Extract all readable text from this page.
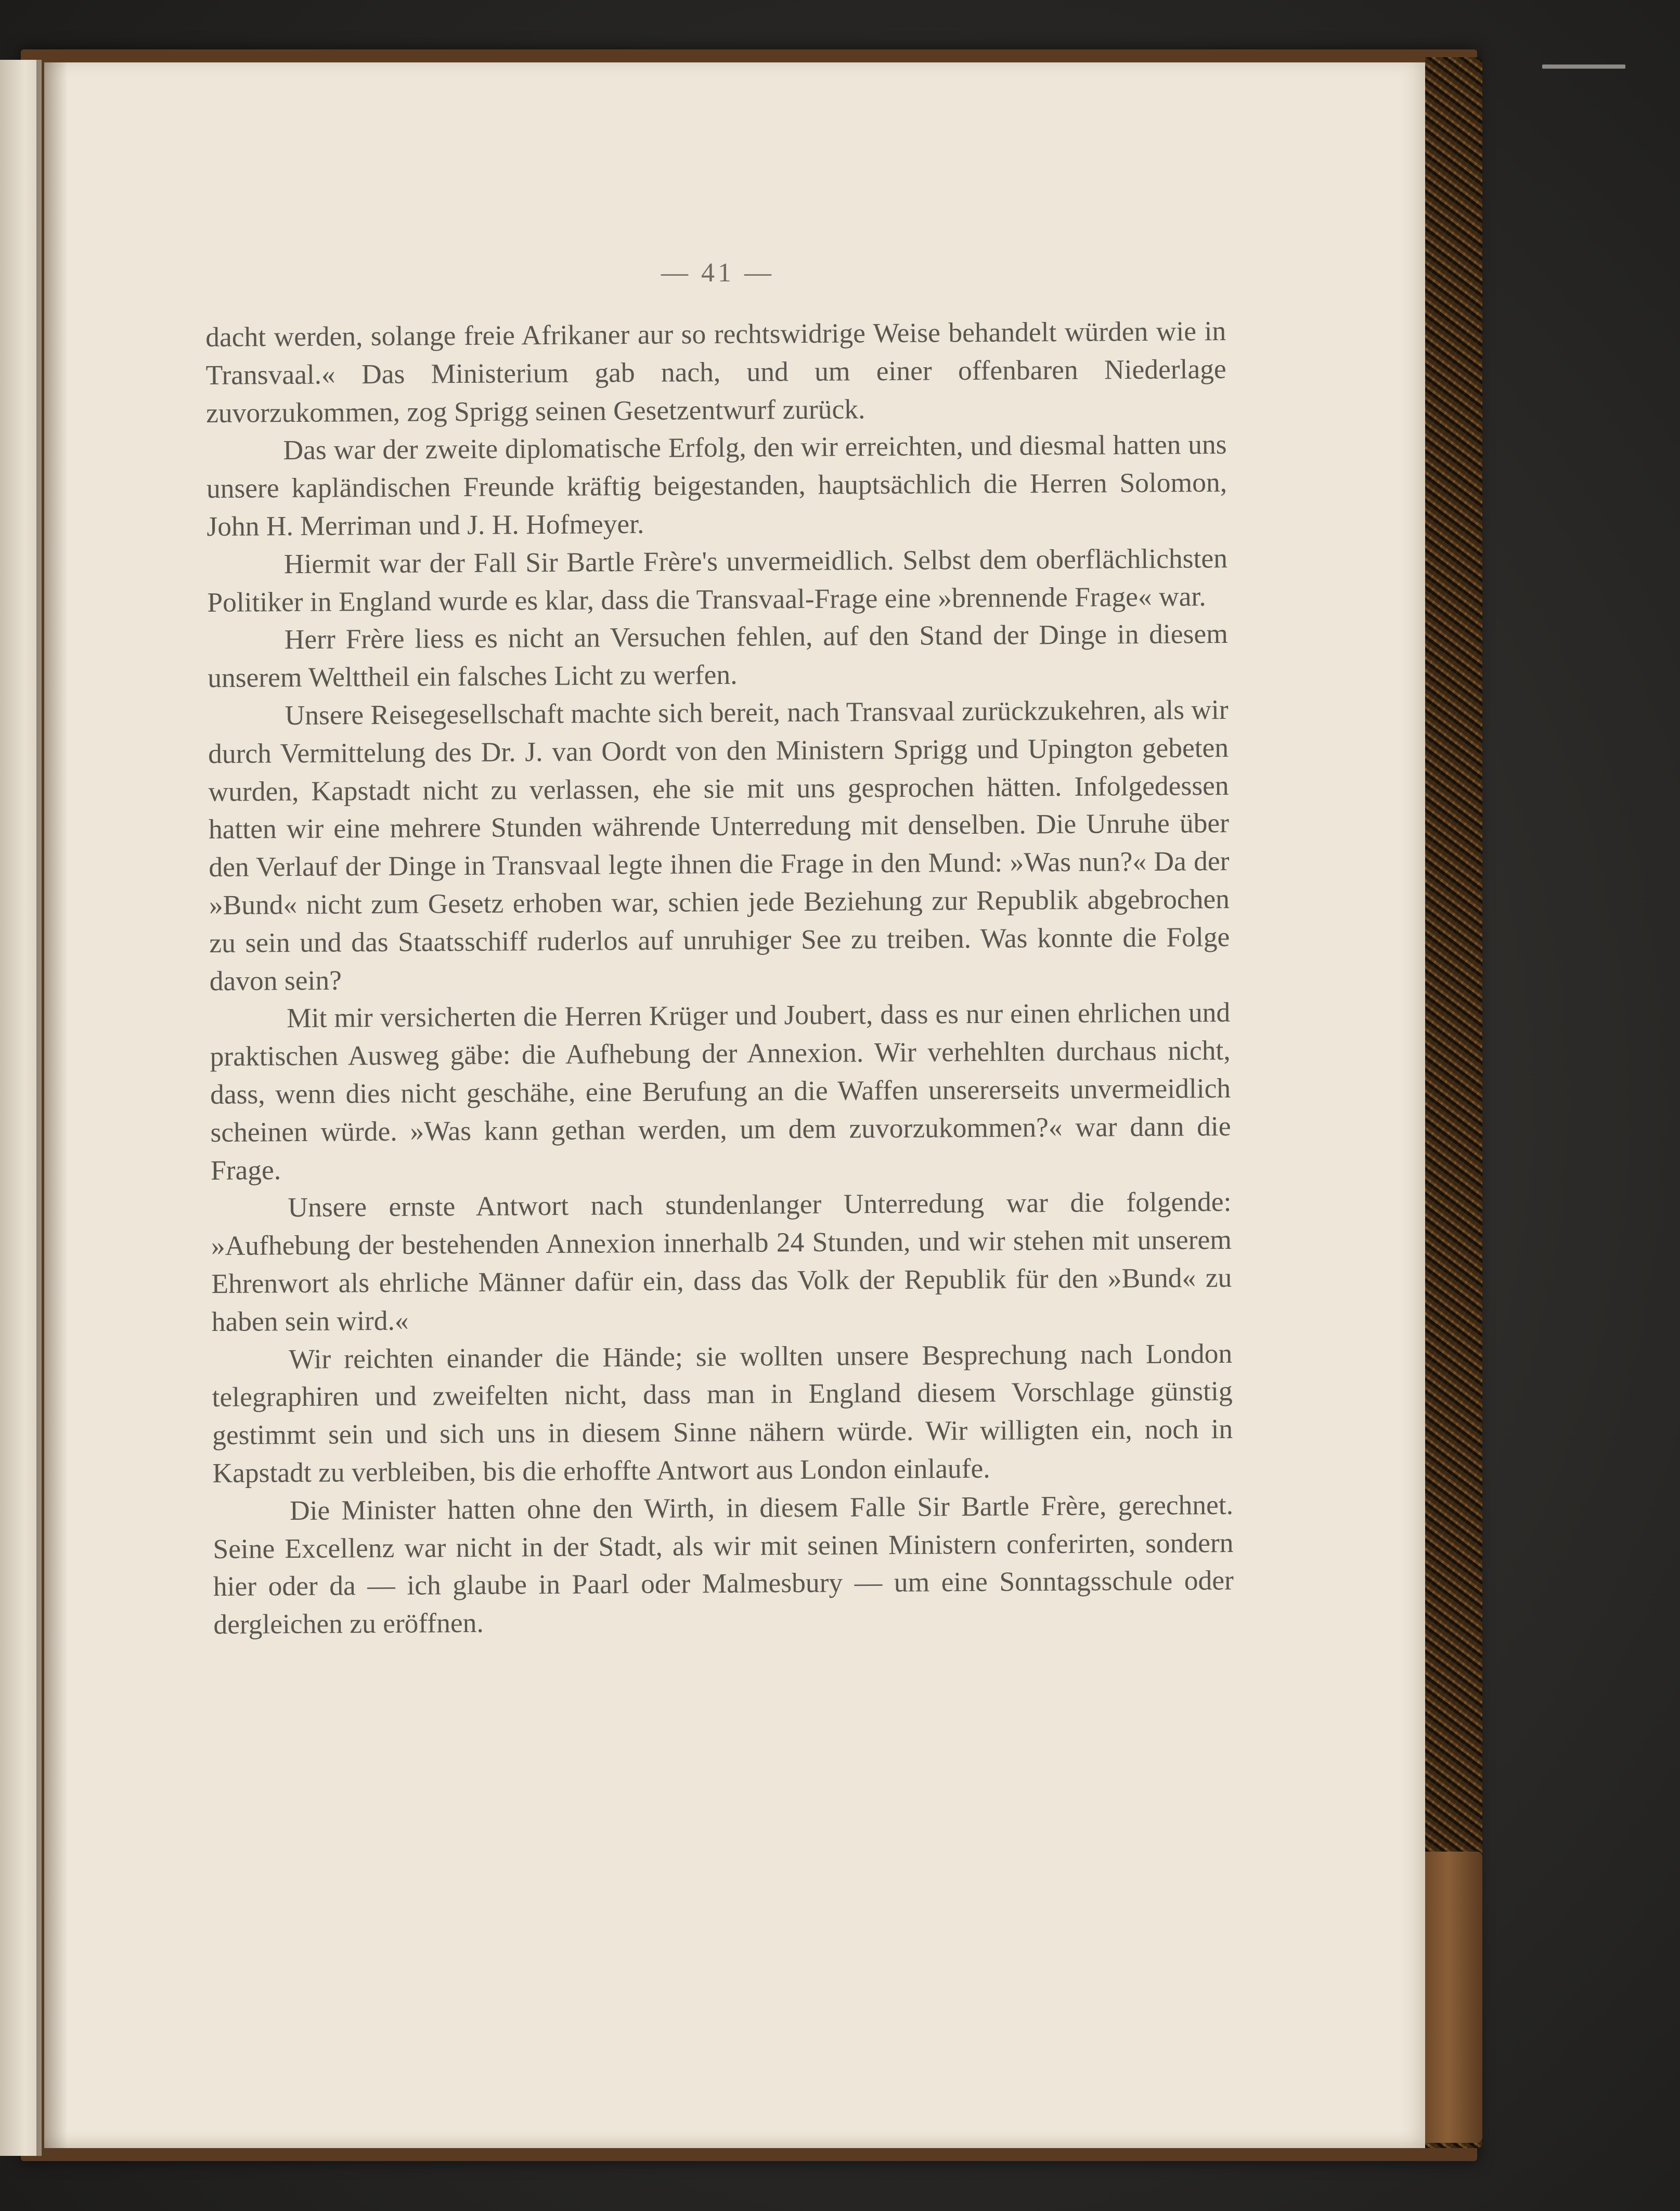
— 41 —

dacht werden, solange freie Afrikaner aur so rechtswidrige Weise behandelt würden wie in Transvaal.« Das Ministerium gab nach, und um einer offenbaren Niederlage zuvorzukommen, zog Sprigg seinen Gesetzentwurf zurück.

Das war der zweite diplomatische Erfolg, den wir erreichten, und diesmal hatten uns unsere kapländischen Freunde kräftig beigestanden, hauptsächlich die Herren Solomon, John H. Merriman und J. H. Hofmeyer.

Hiermit war der Fall Sir Bartle Frère's unvermeidlich. Selbst dem oberflächlichsten Politiker in England wurde es klar, dass die Transvaal-Frage eine »brennende Frage« war.

Herr Frère liess es nicht an Versuchen fehlen, auf den Stand der Dinge in diesem unserem Welttheil ein falsches Licht zu werfen.

Unsere Reisegesellschaft machte sich bereit, nach Transvaal zurückzukehren, als wir durch Vermittelung des Dr. J. van Oordt von den Ministern Sprigg und Upington gebeten wurden, Kapstadt nicht zu verlassen, ehe sie mit uns gesprochen hätten. Infolgedessen hatten wir eine mehrere Stunden währende Unterredung mit denselben. Die Unruhe über den Verlauf der Dinge in Transvaal legte ihnen die Frage in den Mund: »Was nun?« Da der »Bund« nicht zum Gesetz erhoben war, schien jede Beziehung zur Republik abgebrochen zu sein und das Staatsschiff ruderlos auf unruhiger See zu treiben. Was konnte die Folge davon sein?

Mit mir versicherten die Herren Krüger und Joubert, dass es nur einen ehrlichen und praktischen Ausweg gäbe: die Aufhebung der Annexion. Wir verhehlten durchaus nicht, dass, wenn dies nicht geschähe, eine Berufung an die Waffen unsererseits unvermeidlich scheinen würde. »Was kann gethan werden, um dem zuvorzukommen?« war dann die Frage.

Unsere ernste Antwort nach stundenlanger Unterredung war die folgende: »Aufhebung der bestehenden Annexion innerhalb 24 Stunden, und wir stehen mit unserem Ehrenwort als ehrliche Männer dafür ein, dass das Volk der Republik für den »Bund« zu haben sein wird.«

Wir reichten einander die Hände; sie wollten unsere Besprechung nach London telegraphiren und zweifelten nicht, dass man in England diesem Vorschlage günstig gestimmt sein und sich uns in diesem Sinne nähern würde. Wir willigten ein, noch in Kapstadt zu verbleiben, bis die erhoffte Antwort aus London einlaufe.

Die Minister hatten ohne den Wirth, in diesem Falle Sir Bartle Frère, gerechnet. Seine Excellenz war nicht in der Stadt, als wir mit seinen Ministern conferirten, sondern hier oder da — ich glaube in Paarl oder Malmesbury — um eine Sonntagsschule oder dergleichen zu eröffnen.
